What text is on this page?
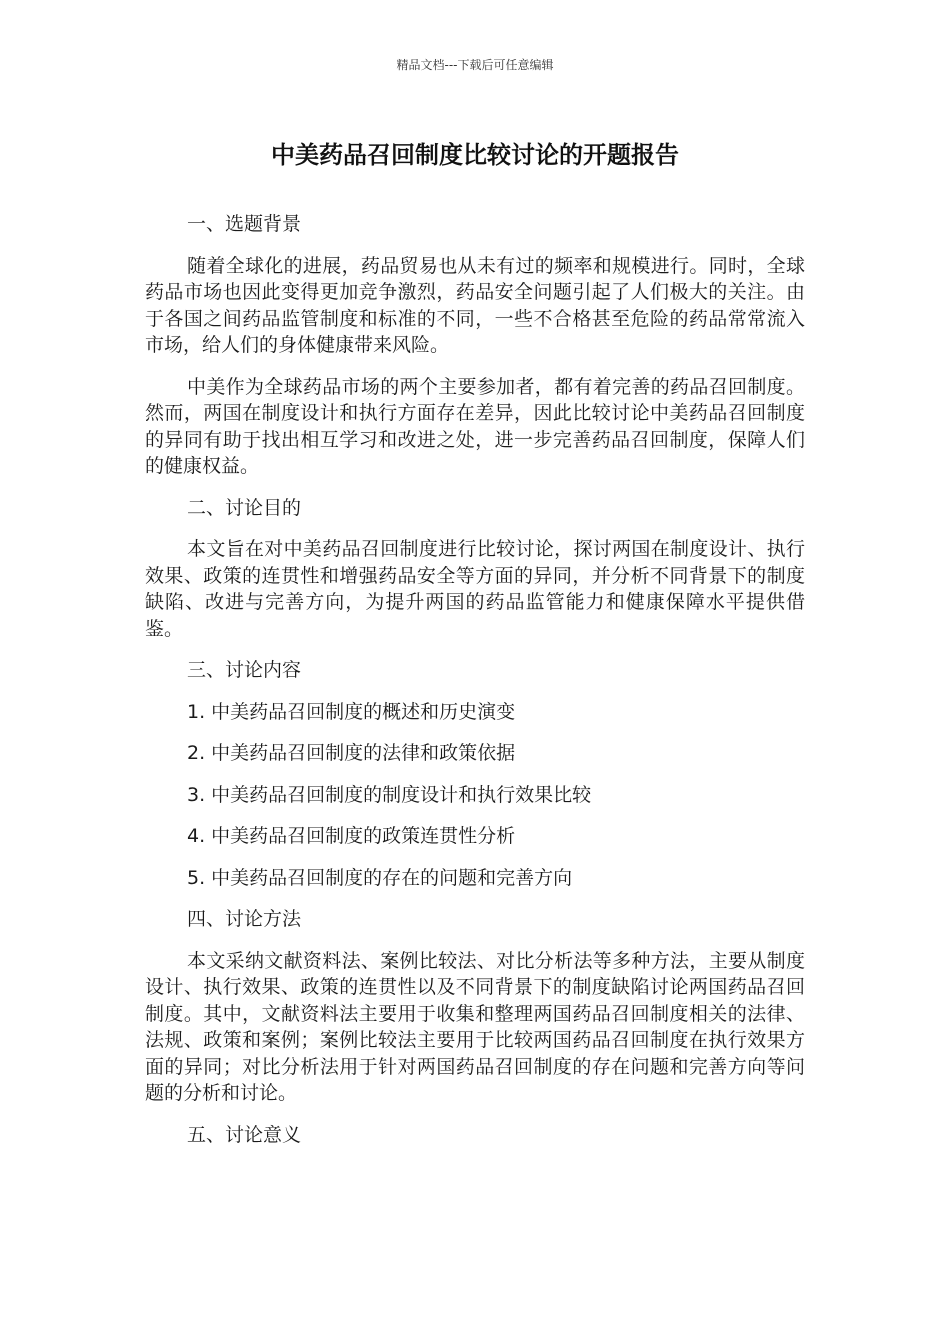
精品文档---下载后可任意编辑
中美药品召回制度比较讨论的开题报告

一、选题背景

随着全球化的进展，药品贸易也从未有过的频率和规模进行。同时，全球药品市场也因此变得更加竞争激烈，药品安全问题引起了人们极大的关注。由于各国之间药品监管制度和标准的不同，一些不合格甚至危险的药品常常流入市场，给人们的身体健康带来风险。

中美作为全球药品市场的两个主要参加者，都有着完善的药品召回制度。然而，两国在制度设计和执行方面存在差异，因此比较讨论中美药品召回制度的异同有助于找出相互学习和改进之处，进一步完善药品召回制度，保障人们的健康权益。

二、讨论目的

本文旨在对中美药品召回制度进行比较讨论，探讨两国在制度设计、执行效果、政策的连贯性和增强药品安全等方面的异同，并分析不同背景下的制度缺陷、改进与完善方向，为提升两国的药品监管能力和健康保障水平提供借鉴。

三、讨论内容

1. 中美药品召回制度的概述和历史演变

2. 中美药品召回制度的法律和政策依据

3. 中美药品召回制度的制度设计和执行效果比较

4. 中美药品召回制度的政策连贯性分析

5. 中美药品召回制度的存在的问题和完善方向

四、讨论方法

本文采纳文献资料法、案例比较法、对比分析法等多种方法，主要从制度设计、执行效果、政策的连贯性以及不同背景下的制度缺陷讨论两国药品召回制度。其中，文献资料法主要用于收集和整理两国药品召回制度相关的法律、法规、政策和案例；案例比较法主要用于比较两国药品召回制度在执行效果方面的异同；对比分析法用于针对两国药品召回制度的存在问题和完善方向等问题的分析和讨论。

五、讨论意义
